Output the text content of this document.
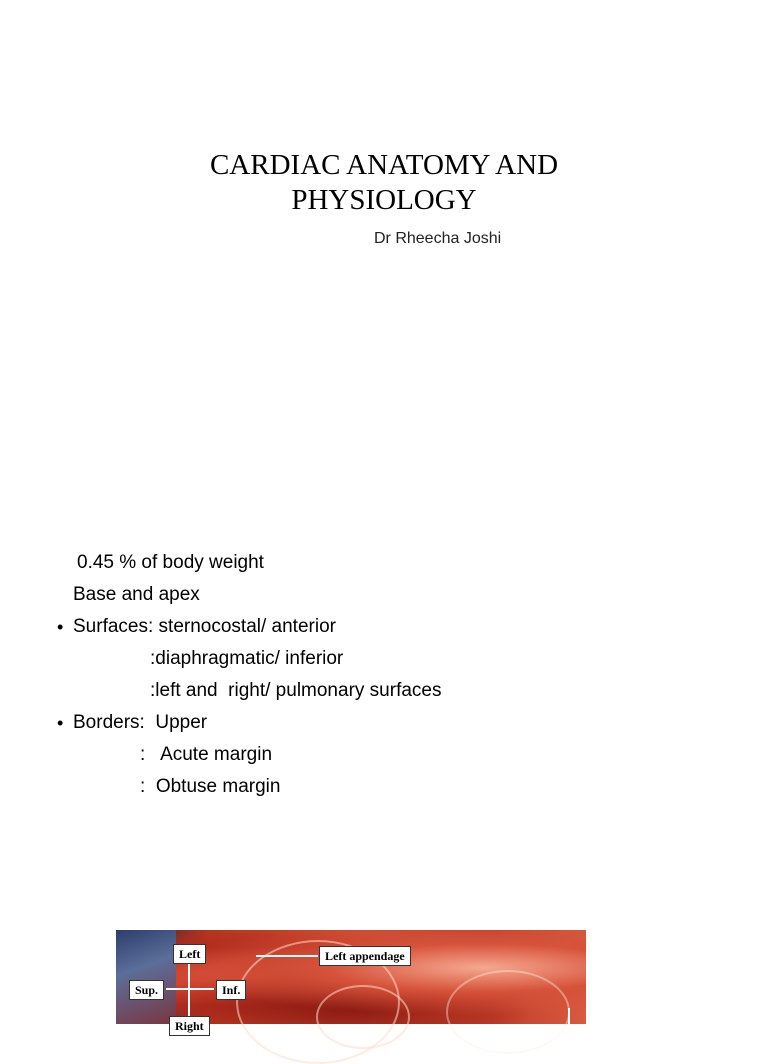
CARDIAC ANATOMY AND
PHYSIOLOGY
Dr Rheecha Joshi
0.45 % of body weight
Base and apex
• Surfaces: sternocostal/ anterior
:diaphragmatic/ inferior
:left and  right/ pulmonary surfaces
• Borders:  Upper
:   Acute margin
:  Obtuse margin
Left
Sup.	Inf.
Right
Left appendage
